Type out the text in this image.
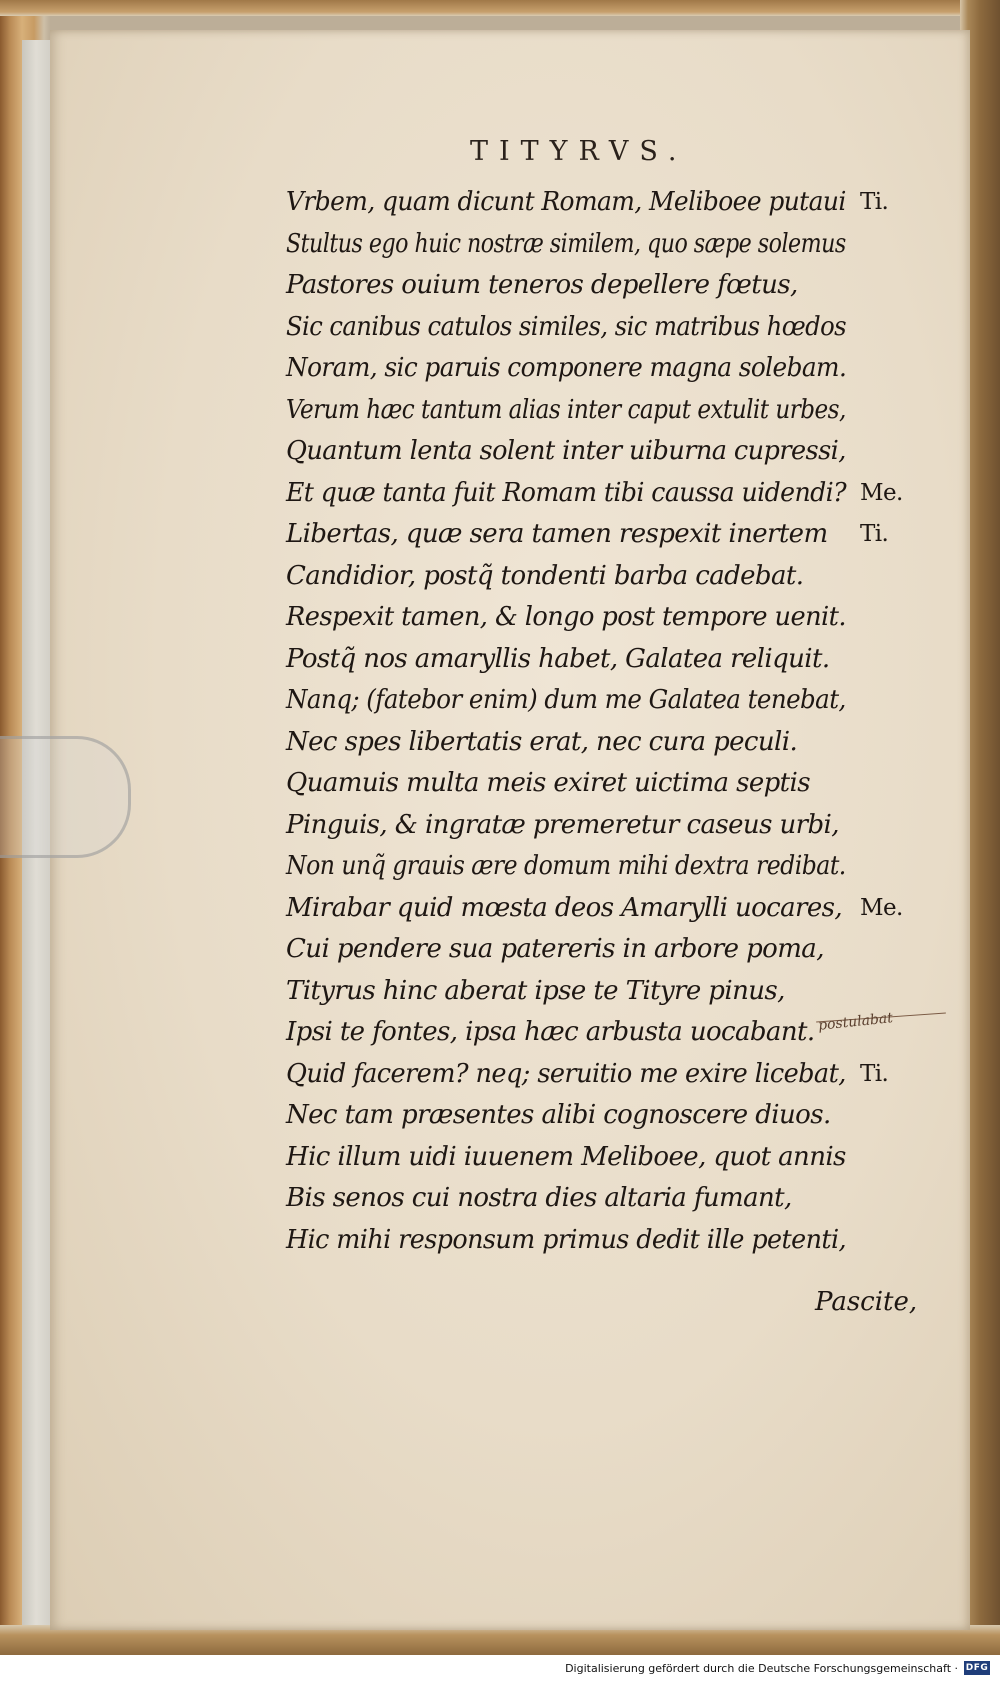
TITYRVS.
Vrbem, quam dicunt Romam, Meliboee putaui Ti.
Stultus ego huic nostræ similem, quo sæpe solemus
Pastores ouium teneros depellere fœtus,
Sic canibus catulos similes, sic matribus hœdos
Noram, sic paruis componere magna solebam.
Verum hæc tantum alias inter caput extulit urbes,
Quantum lenta solent inter uiburna cupressi,
Et quæ tanta fuit Romam tibi caussa uidendi? Me.
Libertas, quæ sera tamen respexit inertem Ti.
Candidior, postq̃ tondenti barba cadebat.
Respexit tamen, & longo post tempore uenit.
Postq̃ nos amaryllis habet, Galatea reliquit.
Nanq; (fatebor enim) dum me Galatea tenebat,
Nec spes libertatis erat, nec cura peculi.
Quamuis multa meis exiret uictima septis
Pinguis, & ingratæ premeretur caseus urbi,
Non unq̃ grauis ære domum mihi dextra redibat.
Mirabar quid mœsta deos Amarylli uocares, Me.
Cui pendere sua patereris in arbore poma,
Tityrus hinc aberat ipse te Tityre pinus,
Ipsi te fontes, ipsa hæc arbusta uocabant.
Quid facerem? neq; seruitio me exire licebat, Ti.
Nec tam præsentes alibi cognoscere diuos.
Hic illum uidi iuuenem Meliboee, quot annis
Bis senos cui nostra dies altaria fumant,
Hic mihi responsum primus dedit ille petenti,
Pascite,
postulabat
Digitalisierung gefördert durch die Deutsche Forschungsgemeinschaft · DFG
